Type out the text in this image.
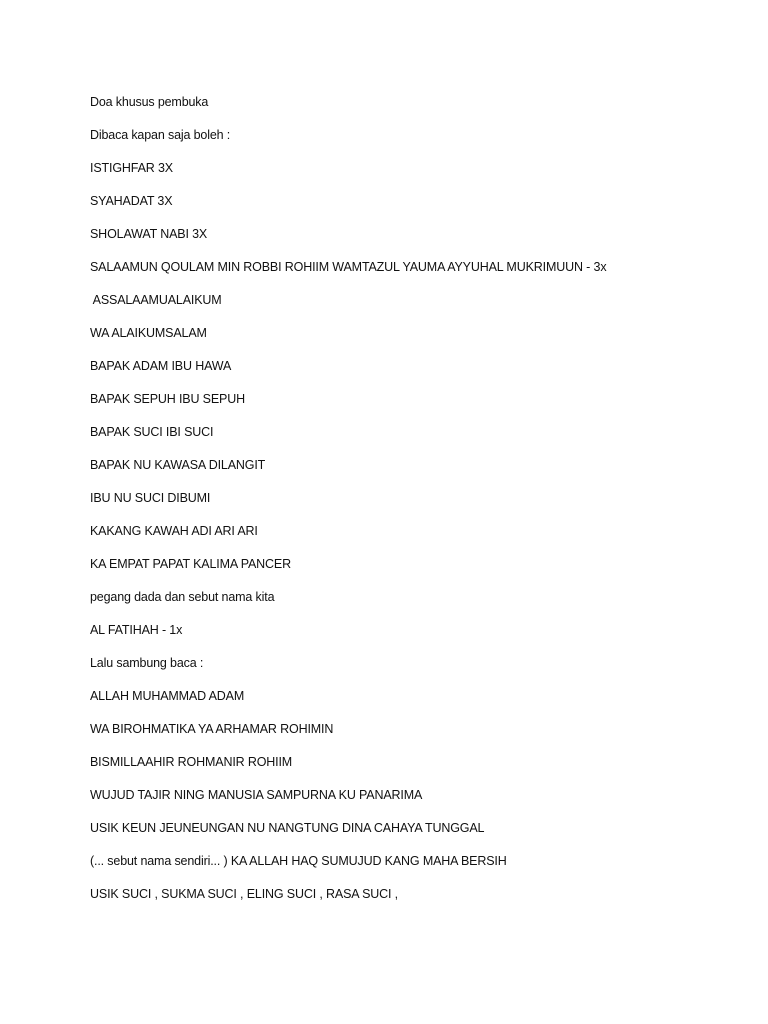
Doa khusus pembuka
Dibaca kapan saja boleh :
ISTIGHFAR 3X
SYAHADAT 3X
SHOLAWAT NABI 3X
SALAAMUN QOULAM MIN ROBBI ROHIIM WAMTAZUL YAUMA AYYUHAL MUKRIMUUN - 3x
ASSALAAMUALAIKUM
WA ALAIKUMSALAM
BAPAK ADAM IBU HAWA
BAPAK SEPUH IBU SEPUH
BAPAK SUCI IBI SUCI
BAPAK NU KAWASA DILANGIT
IBU NU SUCI DIBUMI
KAKANG KAWAH ADI ARI ARI
KA EMPAT PAPAT KALIMA PANCER
pegang dada dan sebut nama kita
AL FATIHAH - 1x
Lalu sambung baca :
ALLAH MUHAMMAD ADAM
WA BIROHMATIKA YA ARHAMAR ROHIMIN
BISMILLAAHIR ROHMANIR ROHIIM
WUJUD TAJIR NING MANUSIA SAMPURNA KU PANARIMA
USIK KEUN JEUNEUNGAN NU NANGTUNG DINA CAHAYA TUNGGAL
(... sebut nama sendiri... ) KA ALLAH HAQ SUMUJUD KANG MAHA BERSIH
USIK SUCI , SUKMA SUCI , ELING SUCI , RASA SUCI ,
